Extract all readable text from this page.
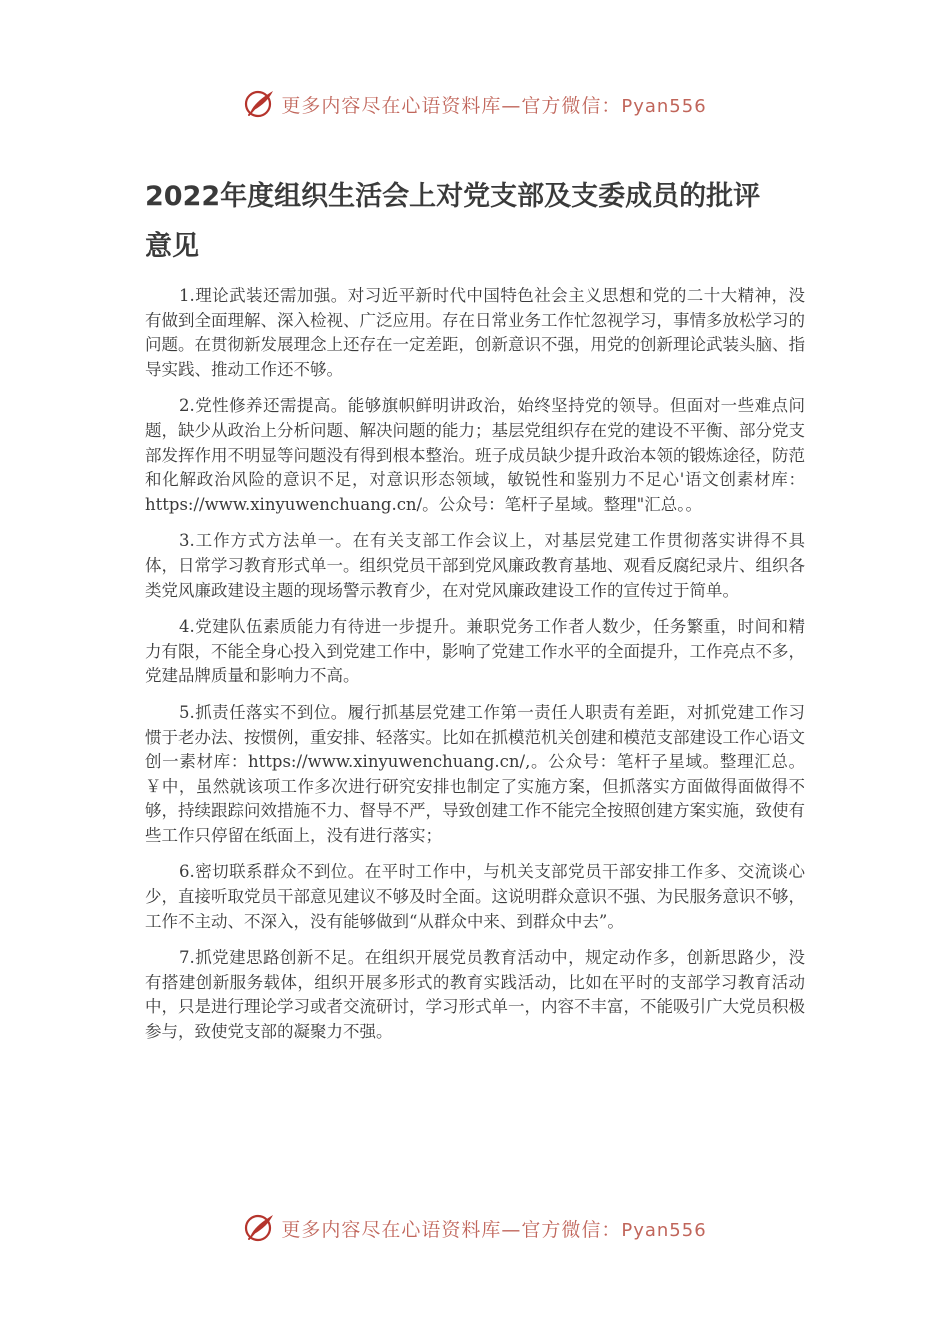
更多内容尽在心语资料库—官方微信：Pyan556
2022年度组织生活会上对党支部及支委成员的批评
意见

1.理论武装还需加强。对习近平新时代中国特色社会主义思想和党的二十大精神，没有做到全面理解、深入检视、广泛应用。存在日常业务工作忙忽视学习，事情多放松学习的问题。在贯彻新发展理念上还存在一定差距，创新意识不强，用党的创新理论武装头脑、指导实践、推动工作还不够。

2.党性修养还需提高。能够旗帜鲜明讲政治，始终坚持党的领导。但面对一些难点问题，缺少从政治上分析问题、解决问题的能力；基层党组织存在党的建设不平衡、部分党支部发挥作用不明显等问题没有得到根本整治。班子成员缺少提升政治本领的锻炼途径，防范和化解政治风险的意识不足，对意识形态领域，敏锐性和鉴别力不足心'语文创素材库：https://www.xinyuwenchuang.cn/。公众号：笔杆子星域。整理"汇总。。

3.工作方式方法单一。在有关支部工作会议上，对基层党建工作贯彻落实讲得不具体，日常学习教育形式单一。组织党员干部到党风廉政教育基地、观看反腐纪录片、组织各类党风廉政建设主题的现场警示教育少，在对党风廉政建设工作的宣传过于简单。

4.党建队伍素质能力有待进一步提升。兼职党务工作者人数少，任务繁重，时间和精力有限，不能全身心投入到党建工作中，影响了党建工作水平的全面提升，工作亮点不多，党建品牌质量和影响力不高。

5.抓责任落实不到位。履行抓基层党建工作第一责任人职责有差距，对抓党建工作习惯于老办法、按惯例，重安排、轻落实。比如在抓模范机关创建和模范支部建设工作心语文创一素材库：https://www.xinyuwenchuang.cn/,。公众号：笔杆子星域。整理汇总。￥中，虽然就该项工作多次进行研究安排也制定了实施方案，但抓落实方面做得面做得不够，持续跟踪问效措施不力、督导不严，导致创建工作不能完全按照创建方案实施，致使有些工作只停留在纸面上，没有进行落实；

6.密切联系群众不到位。在平时工作中，与机关支部党员干部安排工作多、交流谈心少，直接听取党员干部意见建议不够及时全面。这说明群众意识不强、为民服务意识不够，工作不主动、不深入，没有能够做到“从群众中来、到群众中去”。

7.抓党建思路创新不足。在组织开展党员教育活动中，规定动作多，创新思路少，没有搭建创新服务载体，组织开展多形式的教育实践活动，比如在平时的支部学习教育活动中，只是进行理论学习或者交流研讨，学习形式单一，内容不丰富，不能吸引广大党员积极参与，致使党支部的凝聚力不强。

更多内容尽在心语资料库—官方微信：Pyan556
